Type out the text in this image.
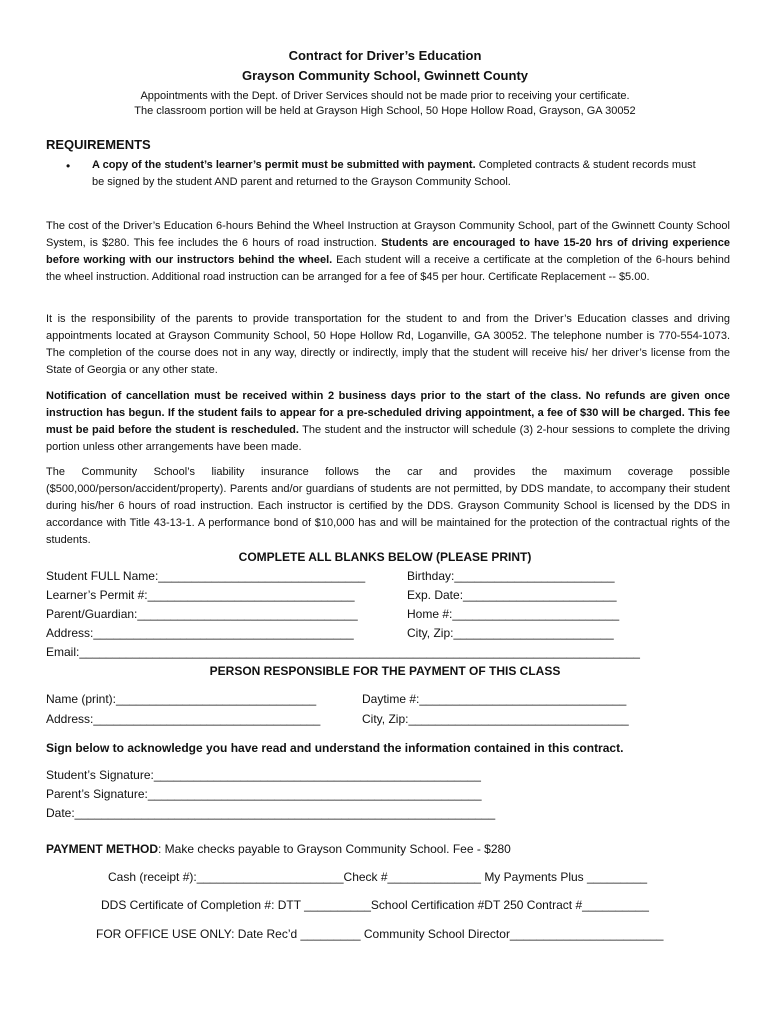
Contract for Driver’s Education
Grayson Community School, Gwinnett County
Appointments with the Dept. of Driver Services should not be made prior to receiving your certificate.
The classroom portion will be held at Grayson High School, 50 Hope Hollow Road, Grayson, GA 30052
REQUIREMENTS
• A copy of the student’s learner’s permit must be submitted with payment. Completed contracts & student records must
be signed by the student AND parent and returned to the Grayson Community School.
The cost of the Driver’s Education 6-hours Behind the Wheel Instruction at Grayson Community School, part of the Gwinnett County School System, is $280. This fee includes the 6 hours of road instruction. Students are encouraged to have 15-20 hrs of driving experience before working with our instructors behind the wheel. Each student will a receive a certificate at the completion of the 6-hours behind the wheel instruction. Additional road instruction can be arranged for a fee of $45 per hour. Certificate Replacement -- $5.00.
It is the responsibility of the parents to provide transportation for the student to and from the Driver’s Education classes and driving appointments located at Grayson Community School, 50 Hope Hollow Rd, Loganville, GA 30052. The telephone number is 770-554-1073. The completion of the course does not in any way, directly or indirectly, imply that the student will receive his/ her driver’s license from the State of Georgia or any other state.
Notification of cancellation must be received within 2 business days prior to the start of the class. No refunds are given once instruction has begun. If the student fails to appear for a pre-scheduled driving appointment, a fee of $30 will be charged. This fee must be paid before the student is rescheduled. The student and the instructor will schedule (3) 2-hour sessions to complete the driving portion unless other arrangements have been made.
The Community School’s liability insurance follows the car and provides the maximum coverage possible ($500,000/person/accident/property). Parents and/or guardians of students are not permitted, by DDS mandate, to accompany their student during his/her 6 hours of road instruction. Each instructor is certified by the DDS. Grayson Community School is licensed by the DDS in accordance with Title 43-13-1. A performance bond of $10,000 has and will be maintained for the protection of the contractual rights of the students.
COMPLETE ALL BLANKS BELOW (PLEASE PRINT)
Student FULL Name:_______________________________	Birthday:________________________
Learner’s Permit #:_______________________________	Exp. Date:_______________________
Parent/Guardian:_________________________________	Home #:_________________________
Address:_______________________________________	City, Zip:________________________
Email:____________________________________________________________________________________
PERSON RESPONSIBLE FOR THE PAYMENT OF THIS CLASS
Name (print):______________________________	Daytime #:_______________________________
Address:__________________________________	City, Zip:_________________________________
Sign below to acknowledge you have read and understand the information contained in this contract.
Student’s Signature:_________________________________________________
Parent’s Signature:__________________________________________________
Date:_______________________________________________________________
PAYMENT METHOD: Make checks payable to Grayson Community School. Fee - $280
Cash (receipt #):______________________Check #______________ My Payments Plus _________
DDS Certificate of Completion #: DTT __________School Certification #DT 250 Contract #__________
FOR OFFICE USE ONLY: Date Rec’d _________ Community School Director_______________________
